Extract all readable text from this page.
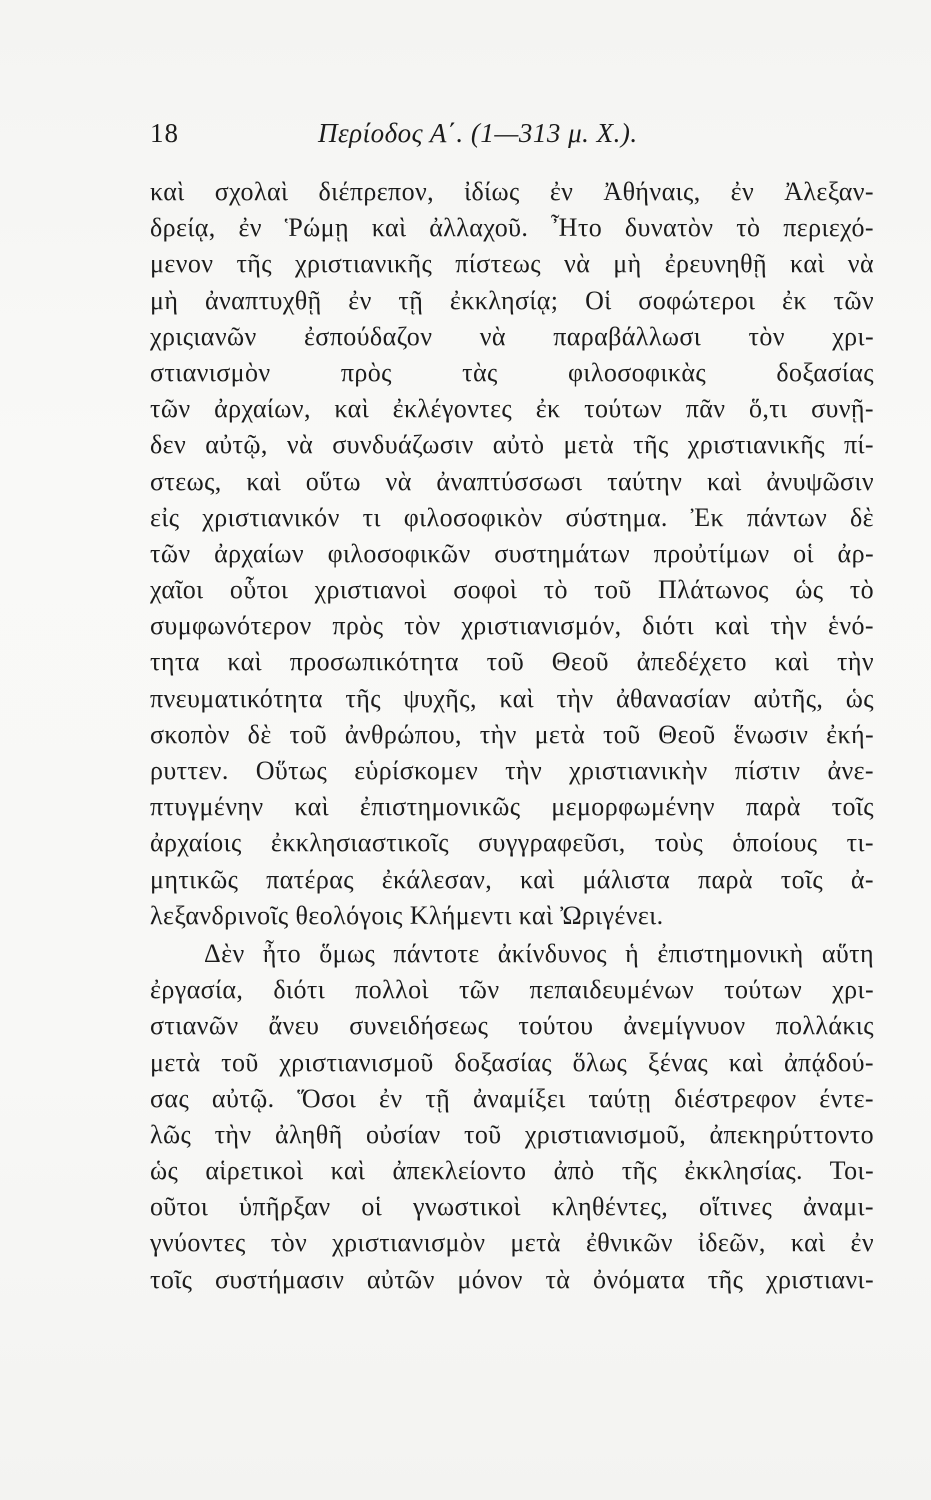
18	Περίοδος Α΄. (1—313 μ. Χ.).
καὶ σχολαὶ διέπρεπον, ἰδίως ἐν Ἀθήναις, ἐν Ἀλεξαν-
δρείᾳ, ἐν Ῥώμῃ καὶ ἀλλαχοῦ. Ἦτο δυνατὸν τὸ περιεχό-
μενον τῆς χριστιανικῆς πίστεως νὰ μὴ ἐρευνηθῇ καὶ νὰ
μὴ ἀναπτυχθῇ ἐν τῇ ἐκκλησίᾳ; Οἱ σοφώτεροι ἐκ τῶν
χριςιανῶν ἐσπούδαζον νὰ παραβάλλωσι τὸν χρι-
στιανισμὸν πρὸς τὰς φιλοσοφικὰς δοξασίας
τῶν ἀρχαίων, καὶ ἐκλέγοντες ἐκ τούτων πᾶν ὅ,τι συνῇ-
δεν αὐτῷ, νὰ συνδυάζωσιν αὐτὸ μετὰ τῆς χριστιανικῆς πί-
στεως, καὶ οὕτω νὰ ἀναπτύσσωσι ταύτην καὶ ἀνυψῶσιν
εἰς χριστιανικόν τι φιλοσοφικὸν σύστημα. Ἐκ πάντων δὲ
τῶν ἀρχαίων φιλοσοφικῶν συστημάτων προὐτίμων οἱ ἀρ-
χαῖοι οὗτοι χριστιανοὶ σοφοὶ τὸ τοῦ Πλάτωνος ὡς τὸ
συμφωνότερον πρὸς τὸν χριστιανισμόν, διότι καὶ τὴν ἑνό-
τητα καὶ προσωπικότητα τοῦ Θεοῦ ἀπεδέχετο καὶ τὴν
πνευματικότητα τῆς ψυχῆς, καὶ τὴν ἀθανασίαν αὐτῆς, ὡς
σκοπὸν δὲ τοῦ ἀνθρώπου, τὴν μετὰ τοῦ Θεοῦ ἕνωσιν ἐκή-
ρυττεν. Οὕτως εὑρίσκομεν τὴν χριστιανικὴν πίστιν ἀνε-
πτυγμένην καὶ ἐπιστημονικῶς μεμορφωμένην παρὰ τοῖς
ἀρχαίοις ἐκκλησιαστικοῖς συγγραφεῦσι, τοὺς ὁποίους τι-
μητικῶς πατέρας ἐκάλεσαν, καὶ μάλιστα παρὰ τοῖς ἀ-
λεξανδρινοῖς θεολόγοις Κλήμεντι καὶ Ὠριγένει.
Δὲν ἦτο ὅμως πάντοτε ἀκίνδυνος ἡ ἐπιστημονικὴ αὕτη
ἐργασία, διότι πολλοὶ τῶν πεπαιδευμένων τούτων χρι-
στιανῶν ἄνευ συνειδήσεως τούτου ἀνεμίγνυον πολλάκις
μετὰ τοῦ χριστιανισμοῦ δοξασίας ὅλως ξένας καὶ ἀπᾴδού-
σας αὐτῷ. Ὅσοι ἐν τῇ ἀναμίξει ταύτῃ διέστρεφον έντε-
λῶς τὴν ἀληθῆ οὐσίαν τοῦ χριστιανισμοῦ, ἀπεκηρύττοντο
ὡς αἱρετικοὶ καὶ ἀπεκλείοντο ἀπὸ τῆς ἐκκλησίας. Τοι-
οῦτοι ὑπῆρξαν οἱ γνωστικοὶ κληθέντες, οἵτινες ἀναμι-
γνύοντες τὸν χριστιανισμὸν μετὰ ἐθνικῶν ἰδεῶν, καὶ ἐν
τοῖς συστήμασιν αὐτῶν μόνον τὰ ὀνόματα τῆς χριστιανι-
